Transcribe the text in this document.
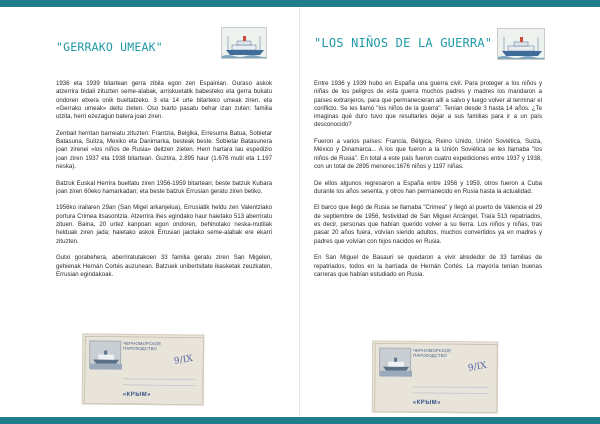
"GERRAKO UMEAK"

1936 eta 1939 bitartean gerra zibila egon zen Espainian. Guraso askok atzerrira bidali zituzten seme-alabak, arriskuetatik babesteko eta gerra bukatu ondoren etxera onik bueltatzeko. 3 eta 14 urte bitarteko umeak ziren, eta «Gerrako umeak» deitu zieten. Oso txarto pasatu behar izan zuten: familia utzita, herri ezezagun batera joan ziren.

Zenbait herritan barreiatu zituzten: Frantzia, Belgika, Erresuma Batua, Sobietar Batasuna, Suitza, Mexiko eta Danimarka, besteak beste. Sobietar Batasunera joan zirenei «los niños de Rusia» deitzen zieten. Herri hartara lau espedizio joan ziren 1937 eta 1938 bitartean. Guztira, 2.895 haur (1.676 mutil eta 1.197 neska).

Batzuk Euskal Herrira bueltatu ziren 1956-1959 bitartean; beste batzuk Kubara joan ziren 60eko hamarkadan; eta beste batzuk Errusian geratu ziren betiko.

1956ko irailaren 29an (San Migel arkanjelua), Errusiatik heldu zen Valentziako portura Crimea itsasontzia. Atzerrira ihes egindako haur haietako 513 aberriratu zituen. Baina, 20 urtez kanpoan egon ondoren, behinolako neska-mutilak helduak ziren jada; haietako askok Errusian jaiotako seme-alabak ere ekarri zituzten.

Gutxi gorabehera, aberriratutakoen 33 familia geratu ziren San Migelen, gehienak Hernán Cortés auzunean. Batzuek unibertsitate ikasketak zeuzkaten, Errusian egindakoak.

ЧЕРНОМОРСКОЕ ПАРОХОДСТВО
9/IX
«КРЫМ»
"LOS NIÑOS DE LA GUERRA"

Entre 1936 y 1939 hubo en España una guerra civil. Para proteger a los niños y niñas de los peligros de esta guerra muchos padres y madres los mandaron a países extranjeros, para que permanecieran allí a salvo y luego volver al terminar el conflicto. Se les llamó "los niños de la guerra". Tenían desde 3 hasta 14 años. ¿Te imaginas qué duro tuvo que resultarles dejar a sus familias para ir a un país desconocido?

Fueron a varios países: Francia, Bélgica, Reino Unido, Unión Soviética, Suiza, México y Dinamarca... A los que fueron a la Unión Soviética se les llamaba "los niños de Rusia". En total a este país fueron cuatro expediciones entre 1937 y 1938, con un total de 2895 menores:1676 niños y 1197 niñas.

De ellos algunos regresaron a España entre 1956 y 1959, otros fueron a Cuba durante los años sesenta, y otros han permanecido en Rusia hasta la actualidad.

El barco que llegó de Rusia se llamaba "Crimea" y llegó al puerto de Valencia el 29 de septiembre de 1956, festividad de San Miguel Arcángel. Traía 513 repatriados, es decir, personas que habían querido volver a su tierra. Los niños y niñas, tras pasar 20 años fuera, volvían siendo adultos, muchos convertidos ya en madres y padres que volvían con hijos nacidos en Rusia.

En San Miguel de Basauri se quedaron a vivir alrededor de 33 familias de repatriados, todos en la barriada de Hernán Cortés. La mayoría tenían buenas carreras que habían estudiado en Rusia.

ЧЕРНОМОРСКОЕ ПАРОХОДСТВО
9/IX
«КРЫМ»
